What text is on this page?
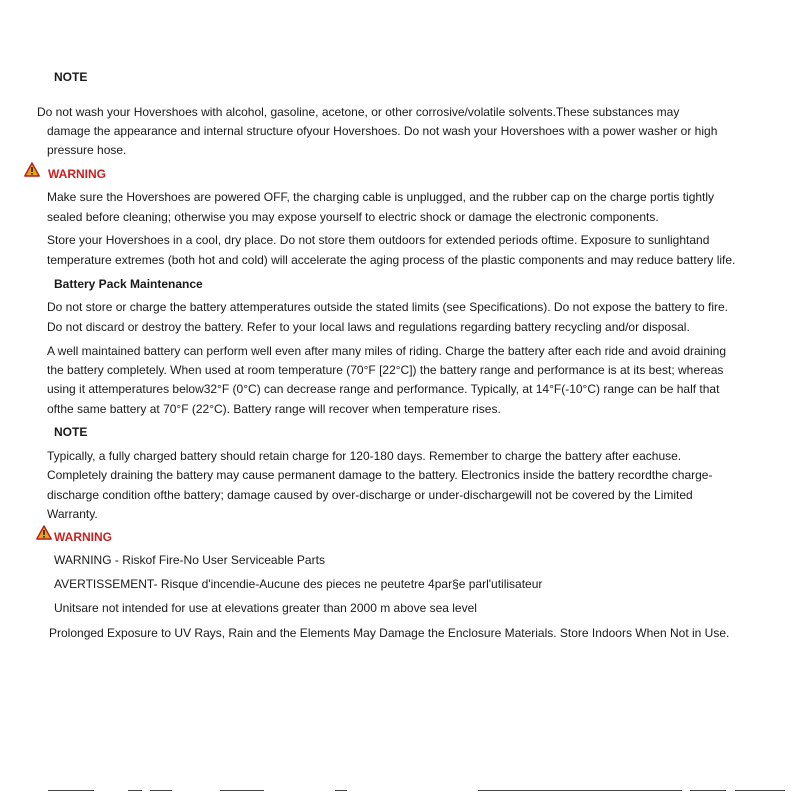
NOTE
Do not wash your Hovershoes with alcohol, gasoline, acetone, or other corrosive/volatile solvents.These substances may
damage the appearance and internal structure ofyour Hovershoes. Do not wash your Hovershoes with a power washer or high
pressure hose.
WARNING
Make sure the Hovershoes are powered OFF, the charging cable is unplugged, and the rubber cap on the charge portis tightly
sealed before cleaning; otherwise you may expose yourself to electric shock or damage the electronic components.
Store your Hovershoes in a cool, dry place. Do not store them outdoors for extended periods oftime. Exposure to sunlightand
temperature extremes (both hot and cold) will accelerate the aging process of the plastic components and may reduce battery life.
Battery Pack Maintenance
Do not store or charge the battery attemperatures outside the stated limits (see Specifications). Do not expose the battery to fire.
Do not discard or destroy the battery. Refer to your local laws and regulations regarding battery recycling and/or disposal.
A well maintained battery can perform well even after many miles of riding. Charge the battery after each ride and avoid draining
the battery completely. When used at room temperature (70°F [22°C]) the battery range and performance is at its best; whereas
using it attemperatures below32°F (0°C) can decrease range and performance. Typically, at 14°F(-10°C) range can be half that
ofthe same battery at 70°F (22°C). Battery range will recover when temperature rises.
NOTE
Typically, a fully charged battery should retain charge for 120-180 days. Remember to charge the battery after eachuse.
Completely draining the battery may cause permanent damage to the battery. Electronics inside the battery recordthe charge-
discharge condition ofthe battery; damage caused by over-discharge or under-dischargewill not be covered by the Limited
Warranty.
WARNING
WARNING - Riskof Fire-No User Serviceable Parts
AVERTISSEMENT- Risque d'incendie-Aucune des pieces ne peutetre 4par§e parl'utilisateur
Unitsare not intended for use at elevations greater than 2000 m above sea level
Prolonged Exposure to UV Rays, Rain and the Elements May Damage the Enclosure Materials. Store Indoors When Not in Use.
